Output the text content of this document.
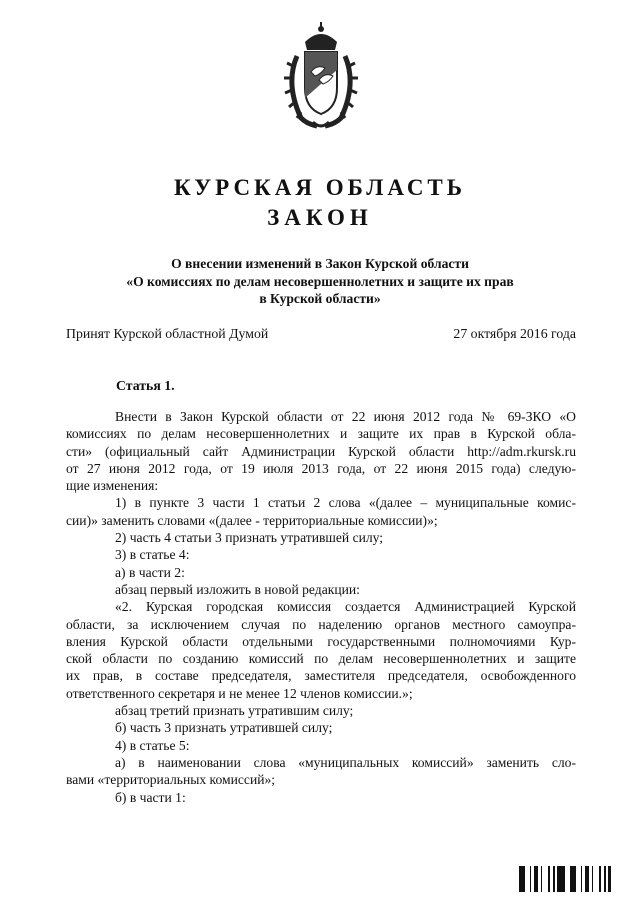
КУРСКАЯ ОБЛАСТЬ
ЗАКОН
О внесении изменений в Закон Курской области
«О комиссиях по делам несовершеннолетних и защите их прав
в Курской области»
Принят Курской областной Думой	27 октября 2016 года
Статья 1.
Внести в Закон Курской области от 22 июня 2012 года № 69-ЗКО «О
комиссиях по делам несовершеннолетних и защите их прав в Курской обла-
сти» (официальный сайт Администрации Курской области http://adm.rkursk.ru
от 27 июня 2012 года, от 19 июля 2013 года, от 22 июня 2015 года) следую-
щие изменения:
1) в пункте 3 части 1 статьи 2 слова «(далее – муниципальные комис-
сии)» заменить словами «(далее - территориальные комиссии)»;
2) часть 4 статьи 3 признать утратившей силу;
3) в статье 4:
а) в части 2:
абзац первый изложить в новой редакции:
«2. Курская городская комиссия создается Администрацией Курской
области, за исключением случая по наделению органов местного самоупра-
вления Курской области отдельными государственными полномочиями Кур-
ской области по созданию комиссий по делам несовершеннолетних и защите
их прав, в составе председателя, заместителя председателя, освобожденного
ответственного секретаря и не менее 12 членов комиссии.»;
абзац третий признать утратившим силу;
б) часть 3 признать утратившей силу;
4) в статье 5:
а) в наименовании слова «муниципальных комиссий» заменить сло-
вами «территориальных комиссий»;
б) в части 1:
